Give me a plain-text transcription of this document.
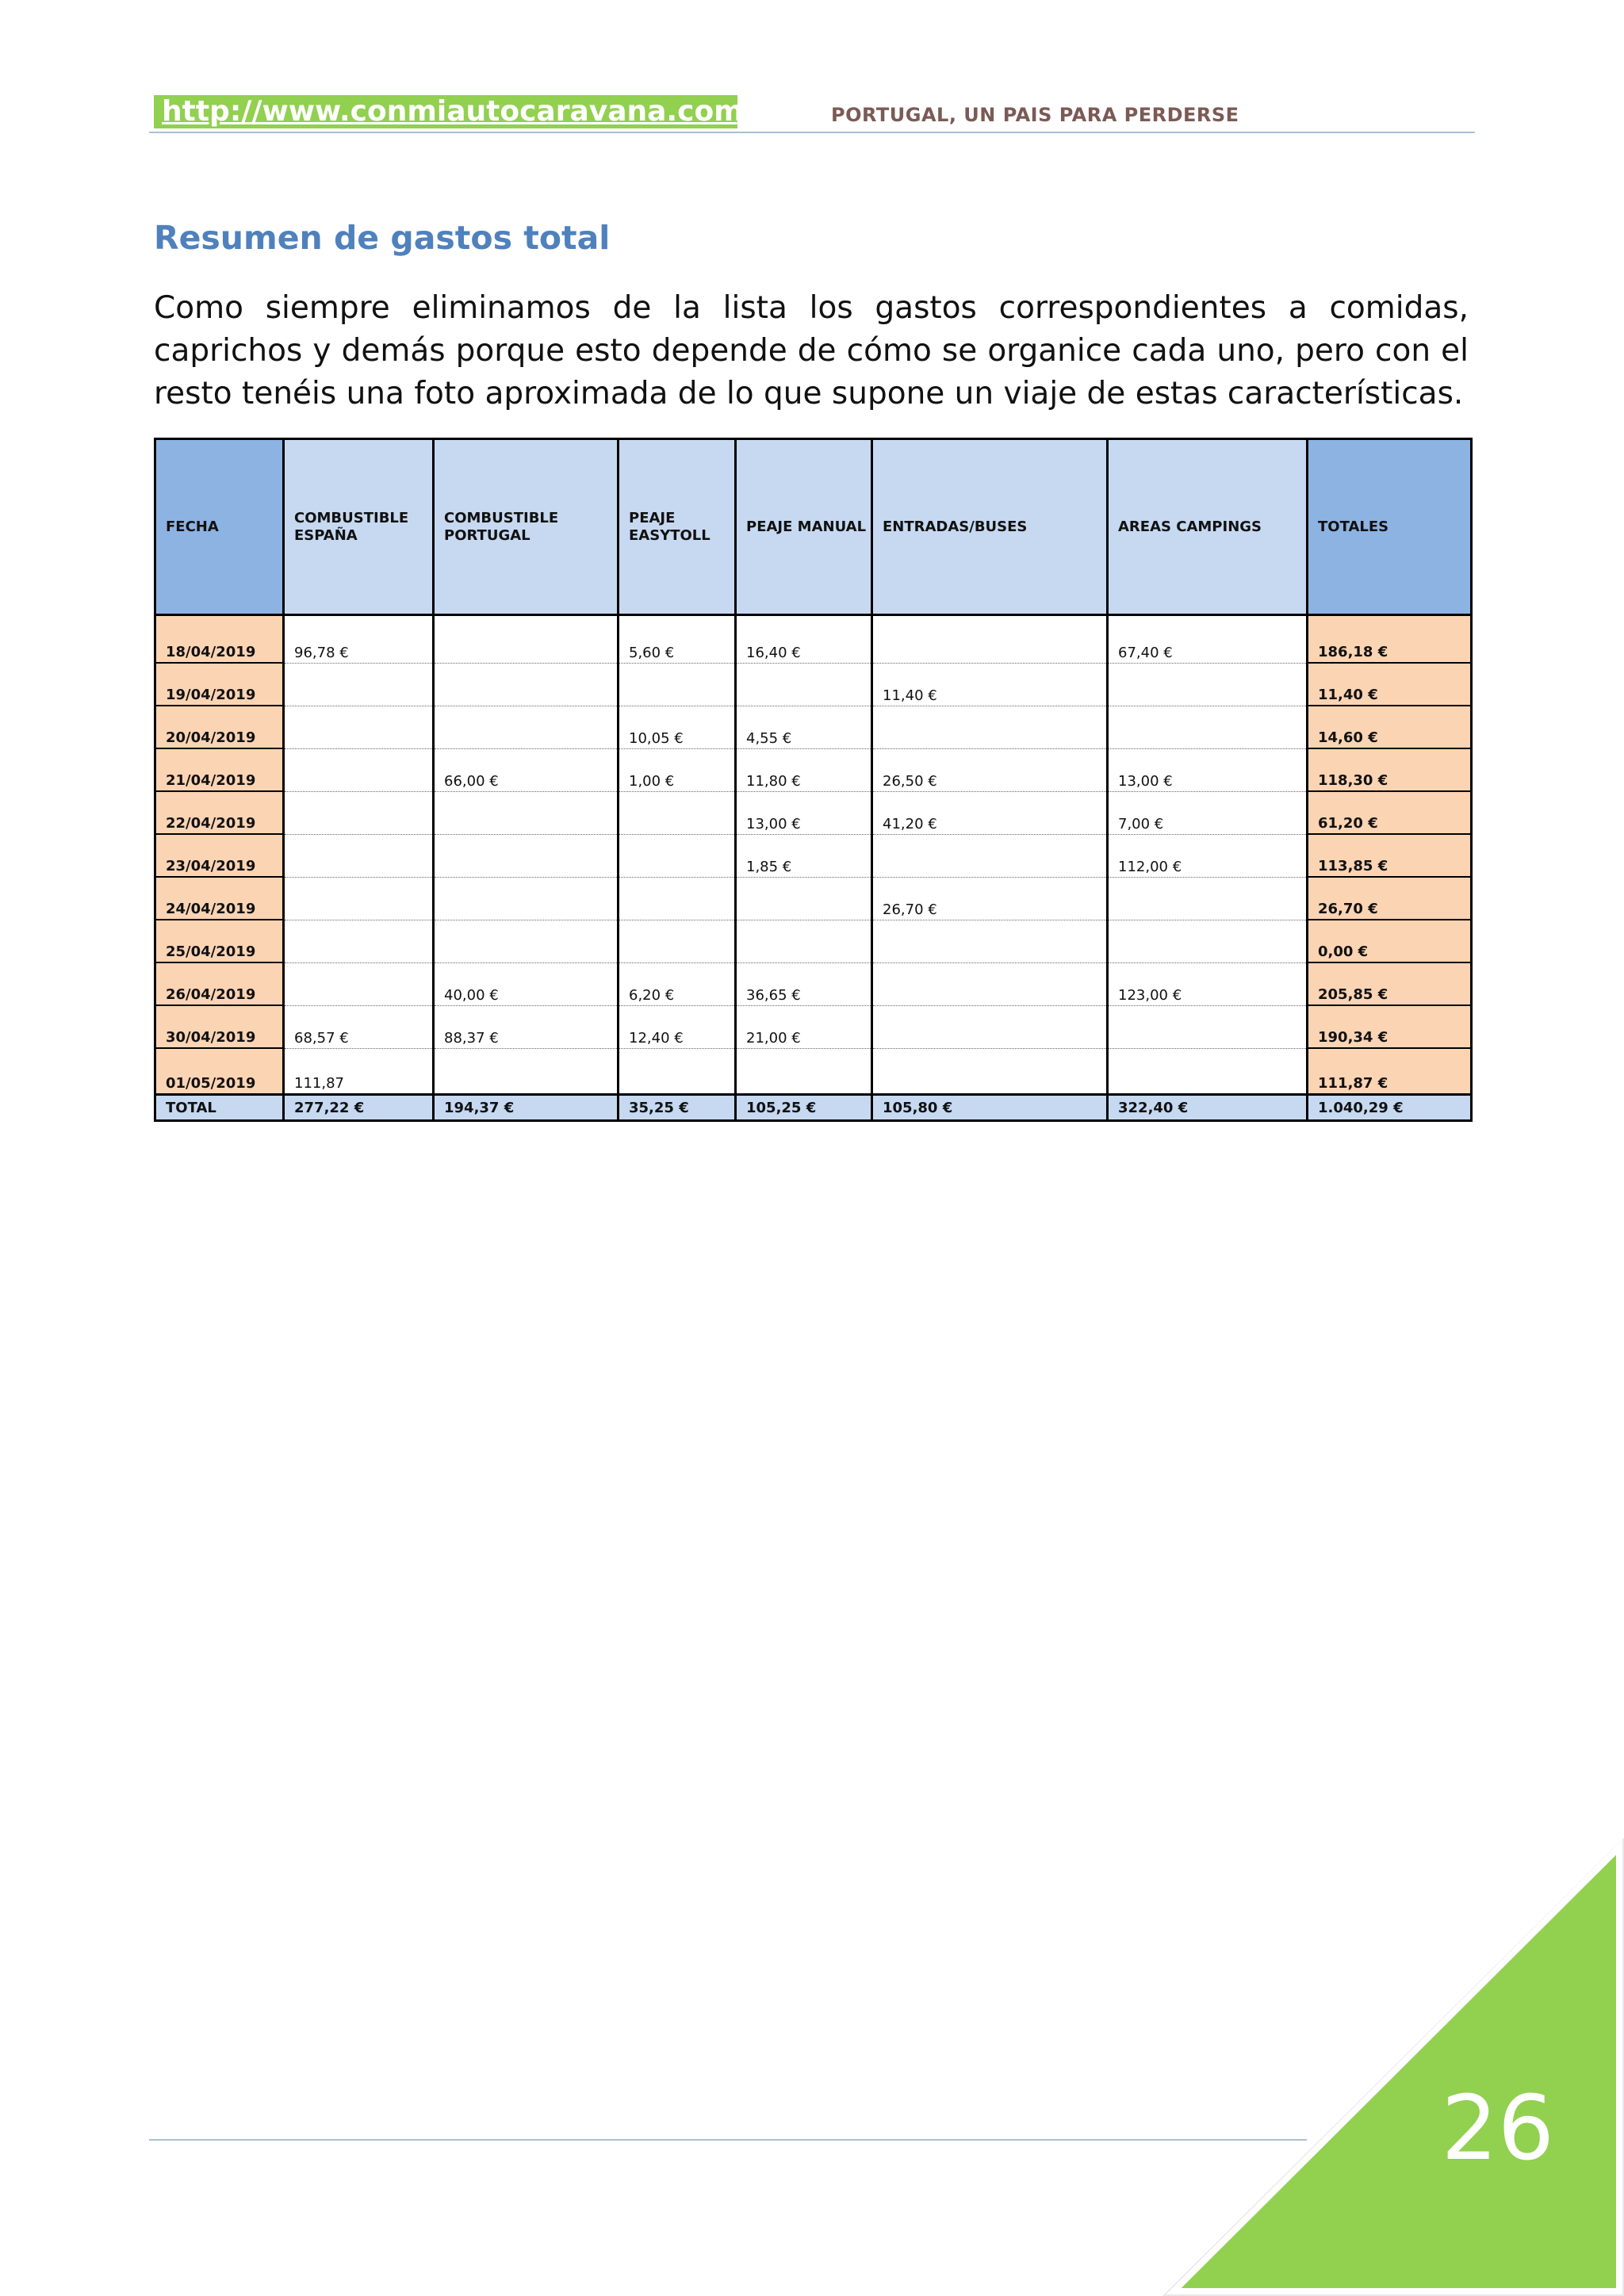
http://www.conmiautocaravana.com	PORTUGAL, UN PAIS PARA PERDERSE
Resumen de gastos total

Como siempre eliminamos de la lista los gastos correspondientes a comidas, caprichos y demás porque esto depende de cómo se organice cada uno, pero con el resto tenéis una foto aproximada de lo que supone un viaje de estas características.

FECHA	COMBUSTIBLE ESPAÑA	COMBUSTIBLE PORTUGAL	PEAJE EASYTOLL	PEAJE MANUAL	ENTRADAS/BUSES	AREAS CAMPINGS	TOTALES
18/04/2019	96,78 €		5,60 €	16,40 €		67,40 €	186,18 €
19/04/2019					11,40 €		11,40 €
20/04/2019			10,05 €	4,55 €			14,60 €
21/04/2019		66,00 €	1,00 €	11,80 €	26,50 €	13,00 €	118,30 €
22/04/2019				13,00 €	41,20 €	7,00 €	61,20 €
23/04/2019				1,85 €		112,00 €	113,85 €
24/04/2019					26,70 €		26,70 €
25/04/2019							0,00 €
26/04/2019		40,00 €	6,20 €	36,65 €		123,00 €	205,85 €
30/04/2019	68,57 €	88,37 €	12,40 €	21,00 €			190,34 €
01/05/2019	111,87						111,87 €
TOTAL	277,22 €	194,37 €	35,25 €	105,25 €	105,80 €	322,40 €	1.040,29 €
26
